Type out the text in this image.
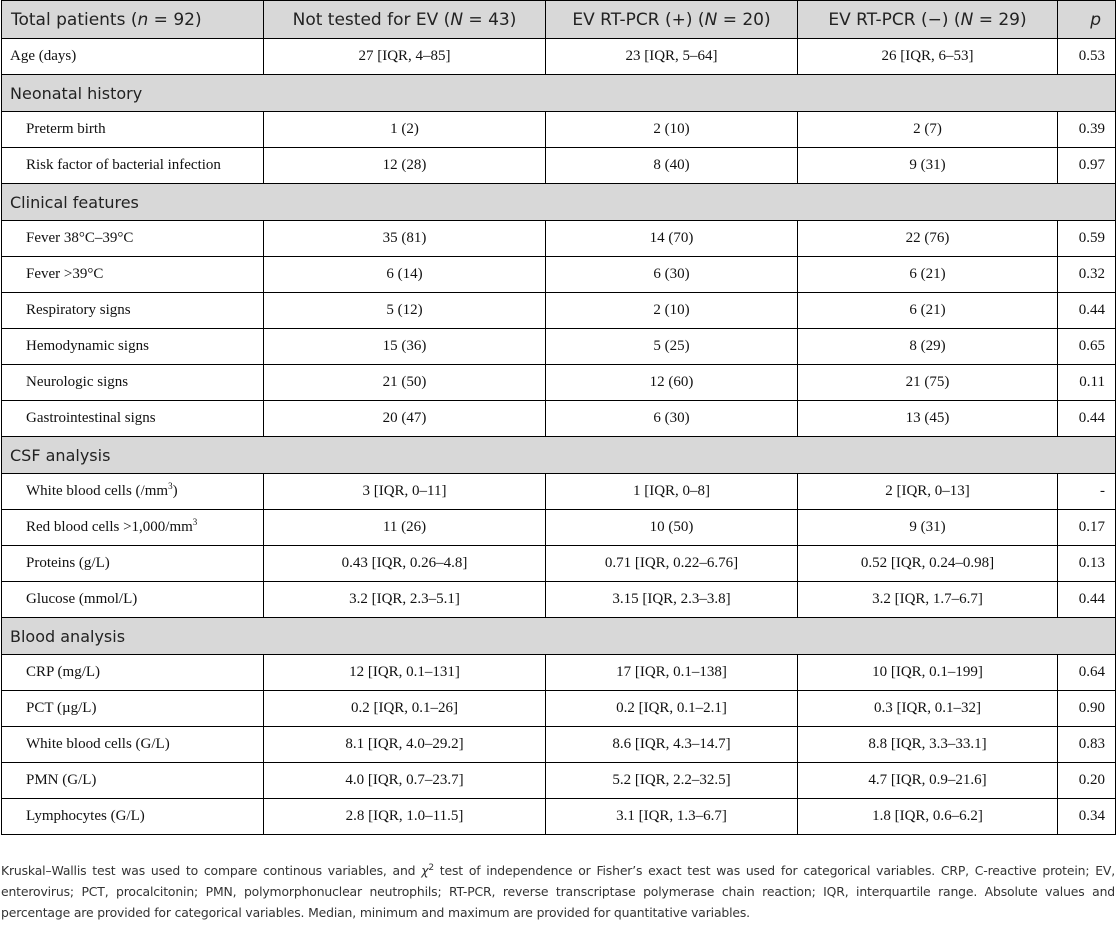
Total patients (n = 92)	Not tested for EV (N = 43)	EV RT-PCR (+) (N = 20)	EV RT-PCR (−) (N = 29)	p
Age (days)	27 [IQR, 4–85]	23 [IQR, 5–64]	26 [IQR, 6–53]	0.53
Neonatal history				
Preterm birth	1 (2)	2 (10)	2 (7)	0.39
Risk factor of bacterial infection	12 (28)	8 (40)	9 (31)	0.97
Clinical features				
Fever 38°C–39°C	35 (81)	14 (70)	22 (76)	0.59
Fever >39°C	6 (14)	6 (30)	6 (21)	0.32
Respiratory signs	5 (12)	2 (10)	6 (21)	0.44
Hemodynamic signs	15 (36)	5 (25)	8 (29)	0.65
Neurologic signs	21 (50)	12 (60)	21 (75)	0.11
Gastrointestinal signs	20 (47)	6 (30)	13 (45)	0.44
CSF analysis				
White blood cells $(/mm^3)$	3 [IQR, 0–11]	1 [IQR, 0–8]	2 [IQR, 0–13]	-
Red blood cells $>1,000/mm^3$	11 (26)	10 (50)	9 (31)	0.17
Proteins (g/L)	0.43 [IQR, 0.26–4.8]	0.71 [IQR, 0.22–6.76]	0.52 [IQR, 0.24–0.98]	0.13
Glucose (mmol/L)	3.2 [IQR, 2.3–5.1]	3.15 [IQR, 2.3–3.8]	3.2 [IQR, 1.7–6.7]	0.44
Blood analysis				
CRP (mg/L)	12 [IQR, 0.1–131]	17 [IQR, 0.1–138]	10 [IQR, 0.1–199]	0.64
PCT (µg/L)	0.2 [IQR, 0.1–26]	0.2 [IQR, 0.1–2.1]	0.3 [IQR, 0.1–32]	0.90
White blood cells (G/L)	8.1 [IQR, 4.0–29.2]	8.6 [IQR, 4.3–14.7]	8.8 [IQR, 3.3–33.1]	0.83
PMN (G/L)	4.0 [IQR, 0.7–23.7]	5.2 [IQR, 2.2–32.5]	4.7 [IQR, 0.9–21.6]	0.20
Lymphocytes (G/L)	2.8 [IQR, 1.0–11.5]	3.1 [IQR, 1.3–6.7]	1.8 [IQR, 0.6–6.2]	0.34
Kruskal–Wallis test was used to compare continous variables, and $\chi^2$ test of independence or Fisher’s exact test was used for categorical variables. CRP, C-reactive protein; EV, enterovirus; PCT, procalcitonin; PMN, polymorphonuclear neutrophils; RT-PCR, reverse transcriptase polymerase chain reaction; IQR, interquartile range. Absolute values and percentage are provided for categorical variables. Median, minimum and maximum are provided for quantitative variables.
